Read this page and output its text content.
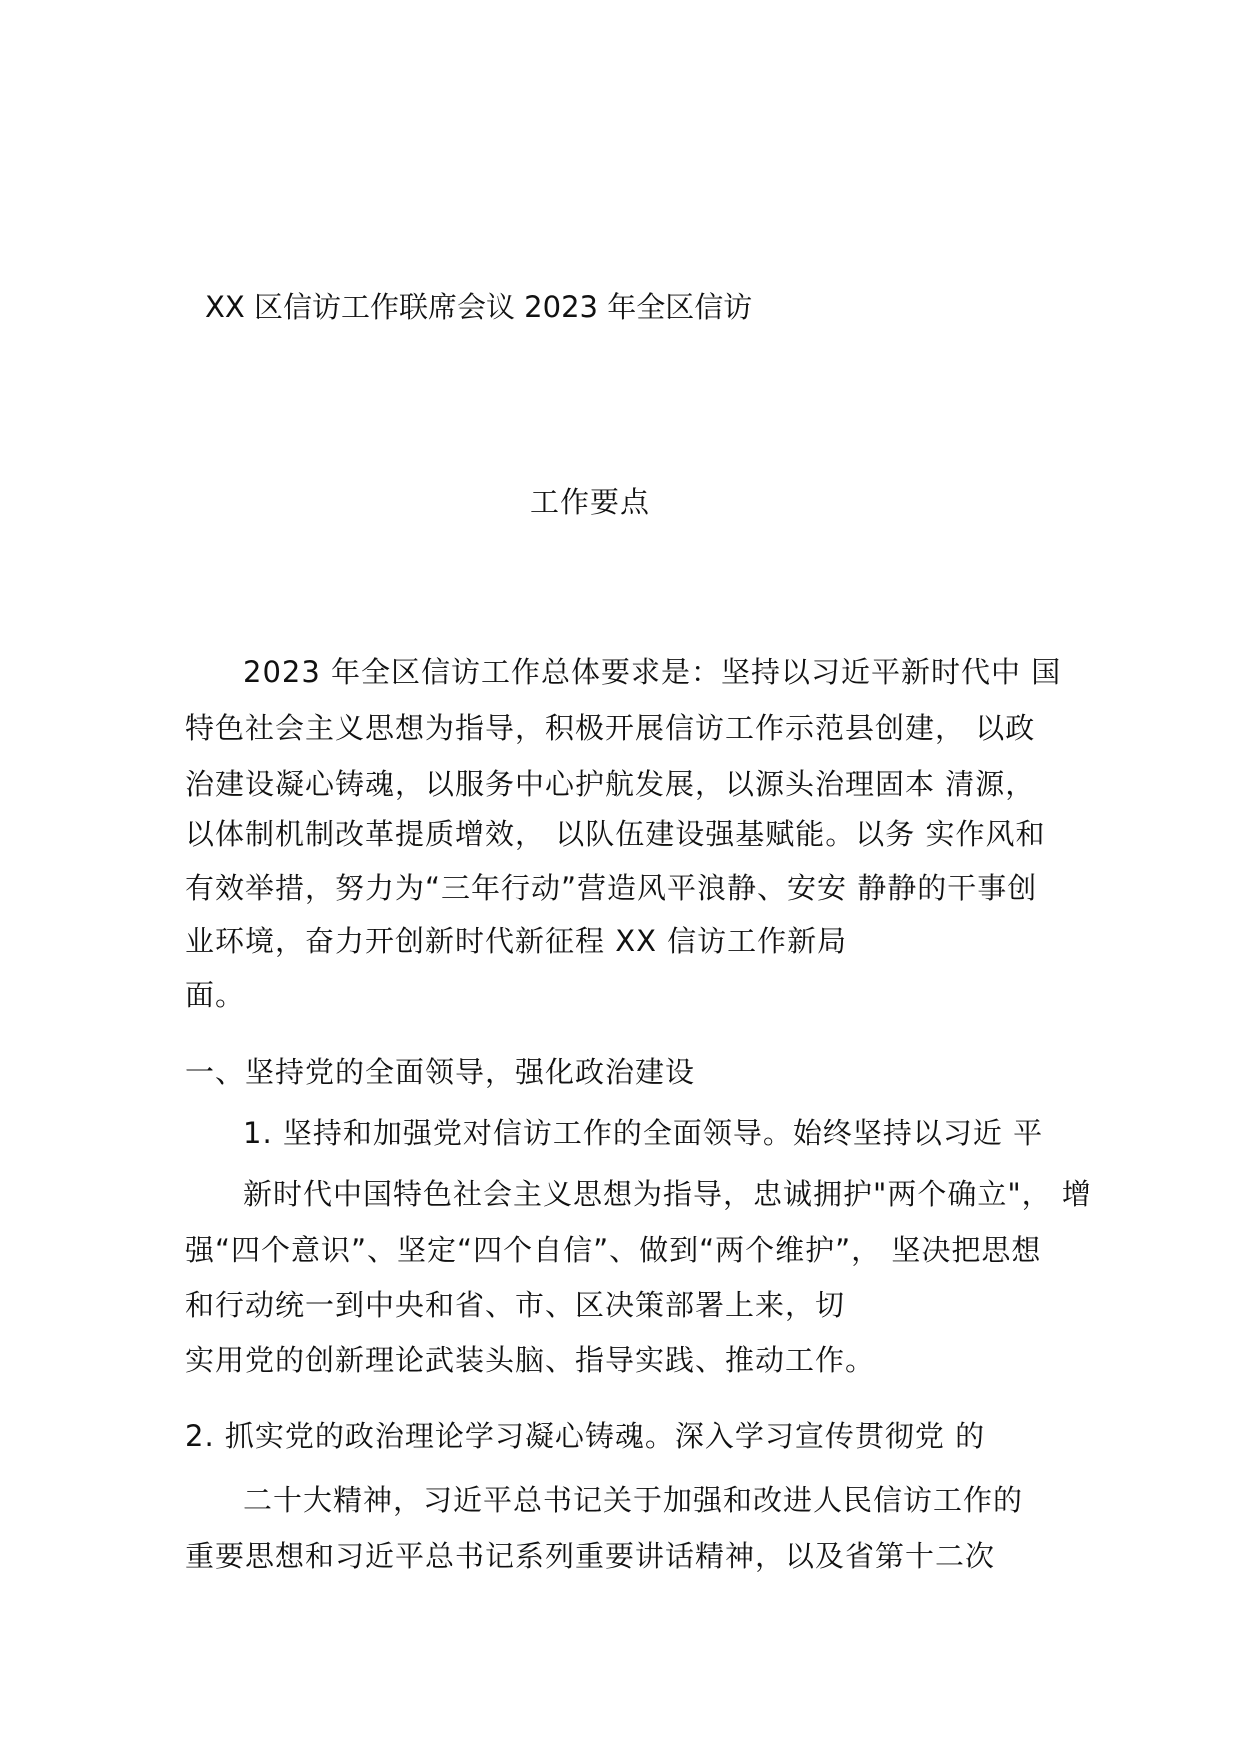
XX 区信访工作联席会议 2023 年全区信访
工作要点
2023 年全区信访工作总体要求是：坚持以习近平新时代中 国
特色社会主义思想为指导，积极开展信访工作示范县创建， 以政
治建设凝心铸魂，以服务中心护航发展，以源头治理固本 清源，
以体制机制改革提质增效， 以队伍建设强基赋能。以务 实作风和
有效举措，努力为“三年行动”营造风平浪静、安安 静静的干事创
业环境，奋力开创新时代新征程 XX 信访工作新局
面。
一、坚持党的全面领导，强化政治建设
1. 坚持和加强党对信访工作的全面领导。始终坚持以习近 平
新时代中国特色社会主义思想为指导，忠诚拥护"两个确立"， 增
强“四个意识”、坚定“四个自信”、做到“两个维护”， 坚决把思想
和行动统一到中央和省、市、区决策部署上来，切
实用党的创新理论武装头脑、指导实践、推动工作。
2. 抓实党的政治理论学习凝心铸魂。深入学习宣传贯彻党 的
二十大精神，习近平总书记关于加强和改进人民信访工作的
重要思想和习近平总书记系列重要讲话精神，以及省第十二次
